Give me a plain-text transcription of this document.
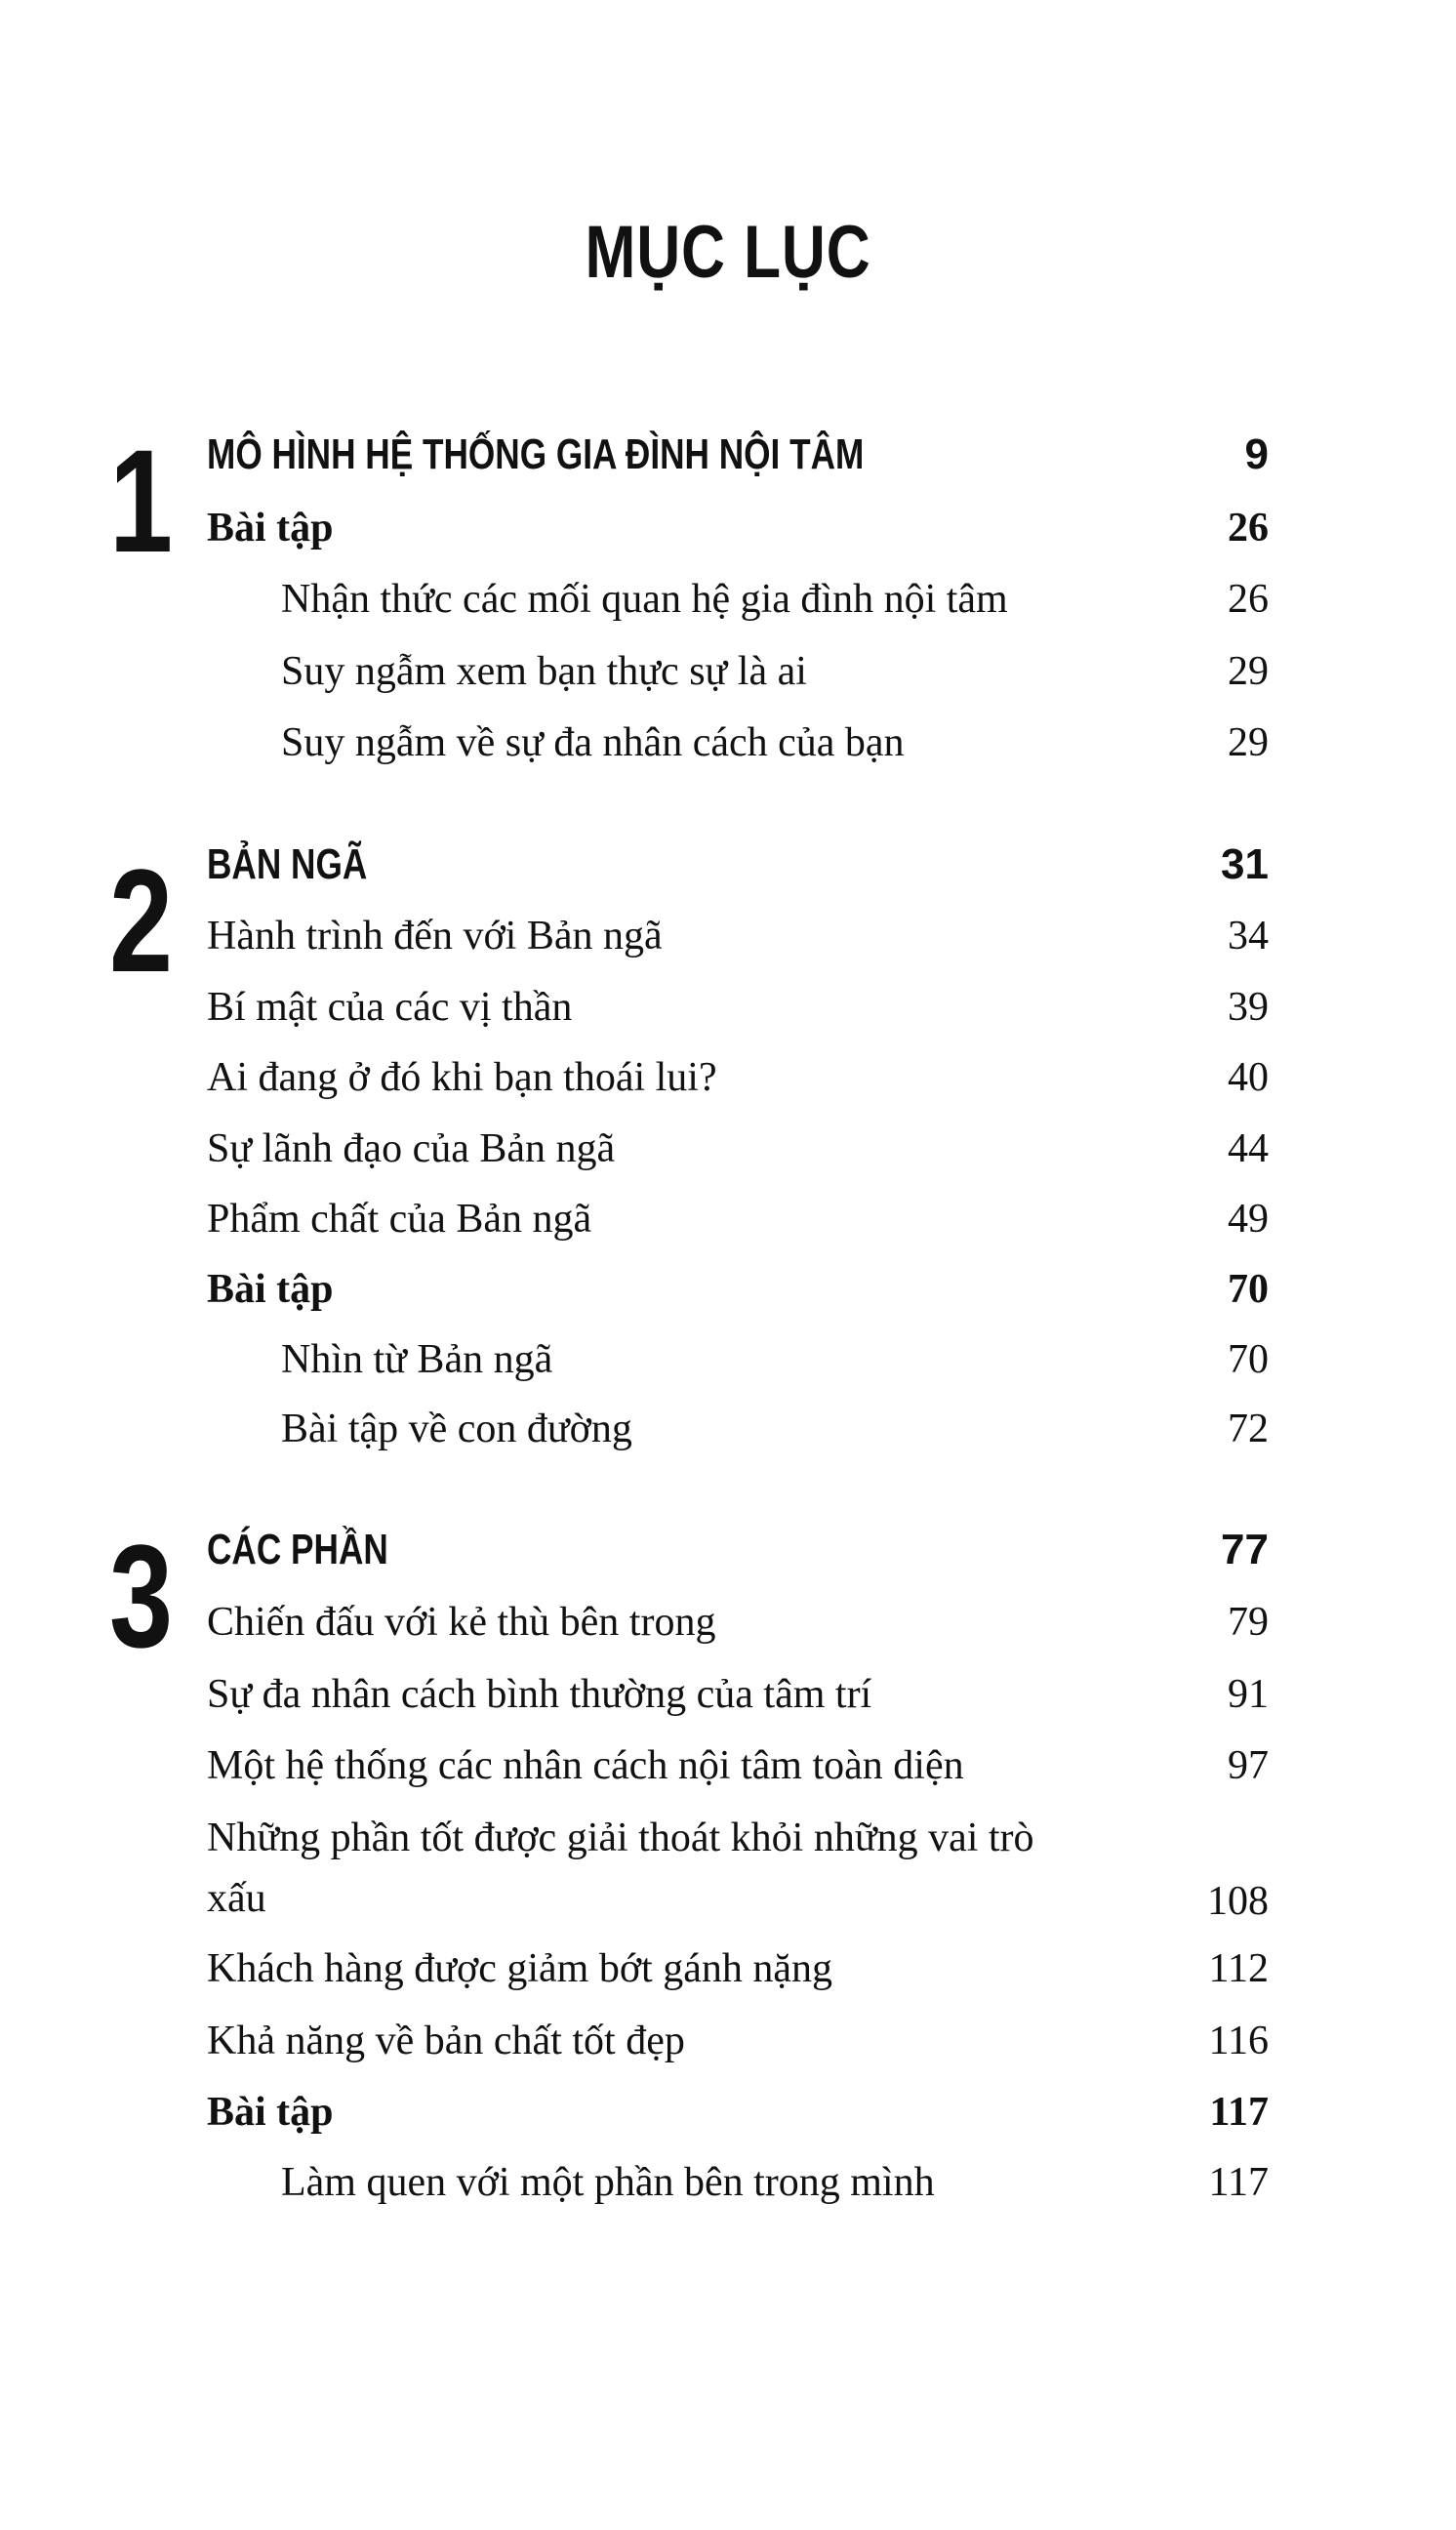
MỤC LỤC
1 MÔ HÌNH HỆ THỐNG GIA ĐÌNH NỘI TÂM	9
Bài tập	26
Nhận thức các mối quan hệ gia đình nội tâm	26
Suy ngẫm xem bạn thực sự là ai	29
Suy ngẫm về sự đa nhân cách của bạn	29
2 BẢN NGÃ	31
Hành trình đến với Bản ngã	34
Bí mật của các vị thần	39
Ai đang ở đó khi bạn thoái lui?	40
Sự lãnh đạo của Bản ngã	44
Phẩm chất của Bản ngã	49
Bài tập	70
Nhìn từ Bản ngã	70
Bài tập về con đường	72
3 CÁC PHẦN	77
Chiến đấu với kẻ thù bên trong	79
Sự đa nhân cách bình thường của tâm trí	91
Một hệ thống các nhân cách nội tâm toàn diện	97
Những phần tốt được giải thoát khỏi những vai trò xấu	108
Khách hàng được giảm bớt gánh nặng	112
Khả năng về bản chất tốt đẹp	116
Bài tập	117
Làm quen với một phần bên trong mình	117
